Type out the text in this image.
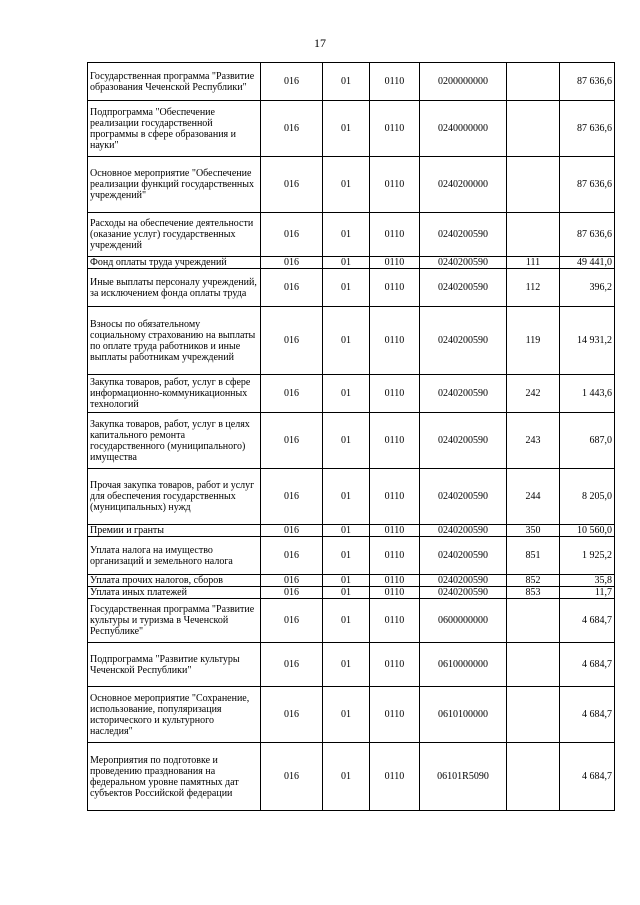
17
Государственная программа "Развитие образования Чеченской Республики"	016	01	0110	0200000000		87 636,6
Подпрограмма "Обеспечение реализации государственной программы в сфере образования и науки"	016	01	0110	0240000000		87 636,6
Основное мероприятие "Обеспечение реализации функций государственных учреждений"	016	01	0110	0240200000		87 636,6
Расходы на обеспечение деятельности (оказание услуг) государственных учреждений	016	01	0110	0240200590		87 636,6
Фонд оплаты труда учреждений	016	01	0110	0240200590	111	49 441,0
Иные выплаты персоналу учреждений, за исключением фонда оплаты труда	016	01	0110	0240200590	112	396,2
Взносы по обязательному социальному страхованию на выплаты по оплате труда работников и иные выплаты работникам учреждений	016	01	0110	0240200590	119	14 931,2
Закупка товаров, работ, услуг в сфере информационно-коммуникационных технологий	016	01	0110	0240200590	242	1 443,6
Закупка товаров, работ, услуг в целях капитального ремонта государственного (муниципального) имущества	016	01	0110	0240200590	243	687,0
Прочая закупка товаров, работ и услуг для обеспечения государственных (муниципальных) нужд	016	01	0110	0240200590	244	8 205,0
Премии и гранты	016	01	0110	0240200590	350	10 560,0
Уплата налога на имущество организаций и земельного налога	016	01	0110	0240200590	851	1 925,2
Уплата прочих налогов, сборов	016	01	0110	0240200590	852	35,8
Уплата иных платежей	016	01	0110	0240200590	853	11,7
Государственная программа "Развитие культуры и туризма в Чеченской Республике"	016	01	0110	0600000000		4 684,7
Подпрограмма "Развитие культуры Чеченской Республики"	016	01	0110	0610000000		4 684,7
Основное мероприятие "Сохранение, использование, популяризация исторического и культурного наследия"	016	01	0110	0610100000		4 684,7
Мероприятия по подготовке и проведению празднования на федеральном уровне памятных дат субъектов Российской федерации	016	01	0110	06101R5090		4 684,7
